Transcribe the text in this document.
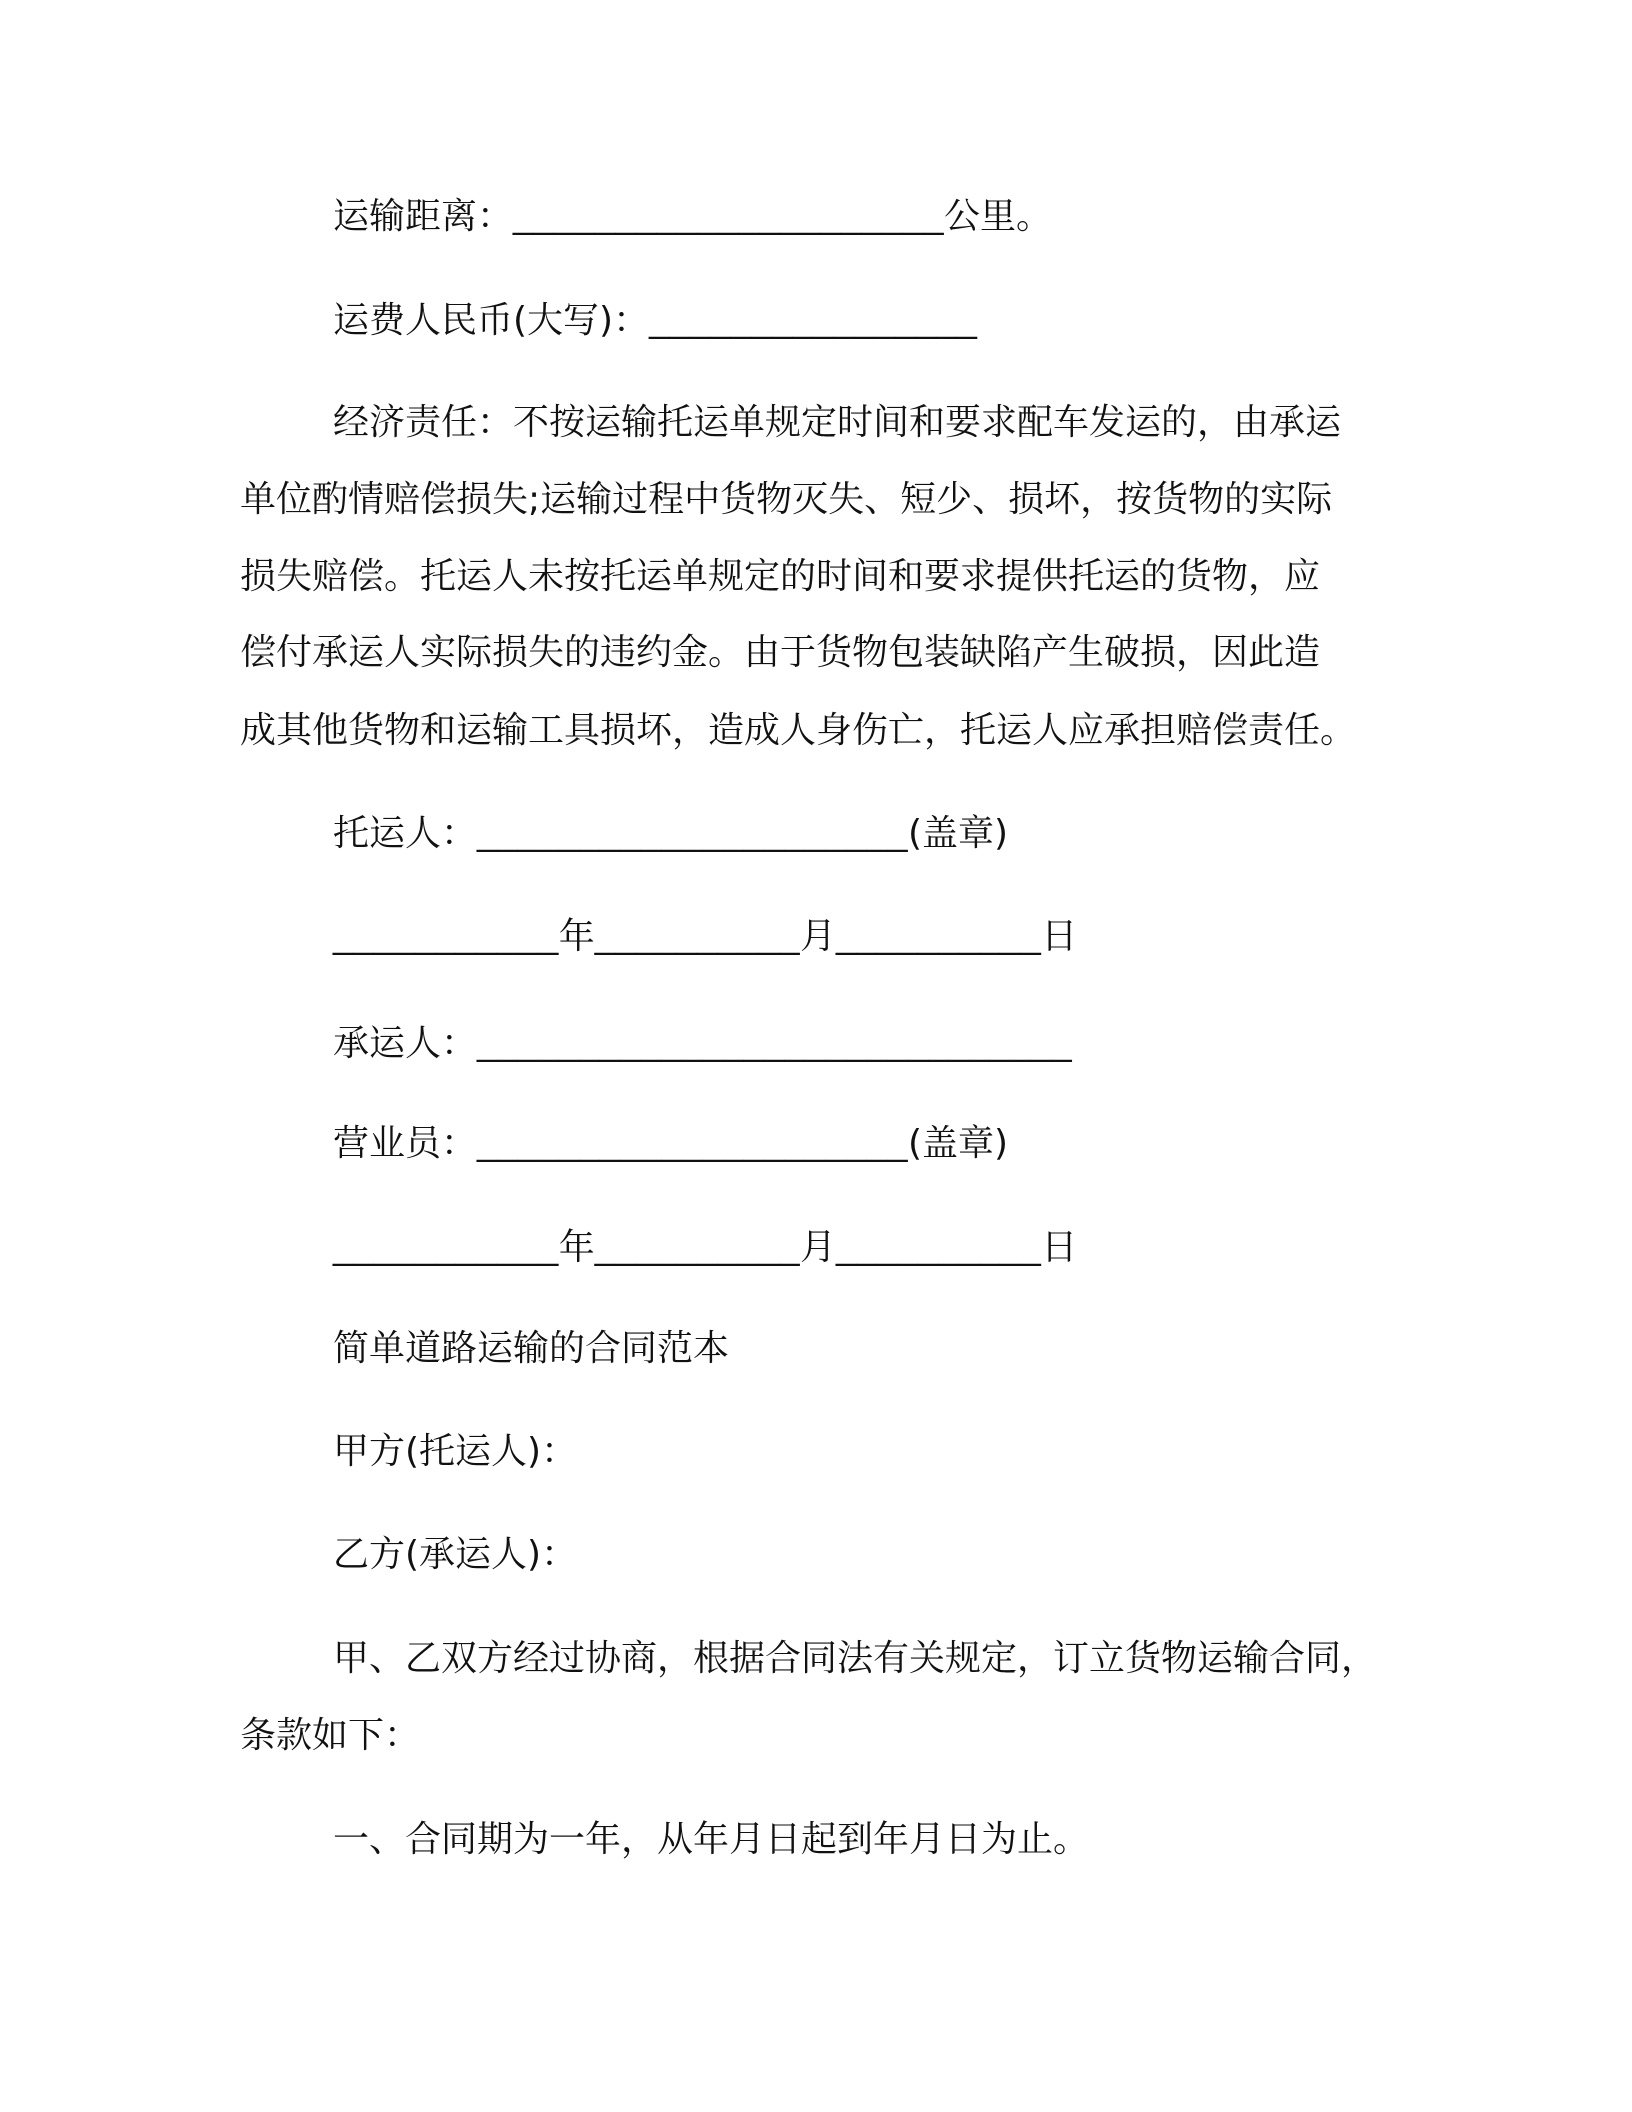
运输距离：_____________________公里。
运费人民币(大写)：________________
经济责任：不按运输托运单规定时间和要求配车发运的，由承运
单位酌情赔偿损失;运输过程中货物灭失、短少、损坏，按货物的实际
损失赔偿。托运人未按托运单规定的时间和要求提供托运的货物，应
偿付承运人实际损失的违约金。由于货物包装缺陷产生破损，因此造
成其他货物和运输工具损坏，造成人身伤亡，托运人应承担赔偿责任。
托运人：_____________________(盖章)
___________年__________月__________日
承运人：_____________________________
营业员：_____________________(盖章)
___________年__________月__________日
简单道路运输的合同范本
甲方(托运人)：
乙方(承运人)：
甲、乙双方经过协商，根据合同法有关规定，订立货物运输合同，
条款如下：
一、合同期为一年，从年月日起到年月日为止。
